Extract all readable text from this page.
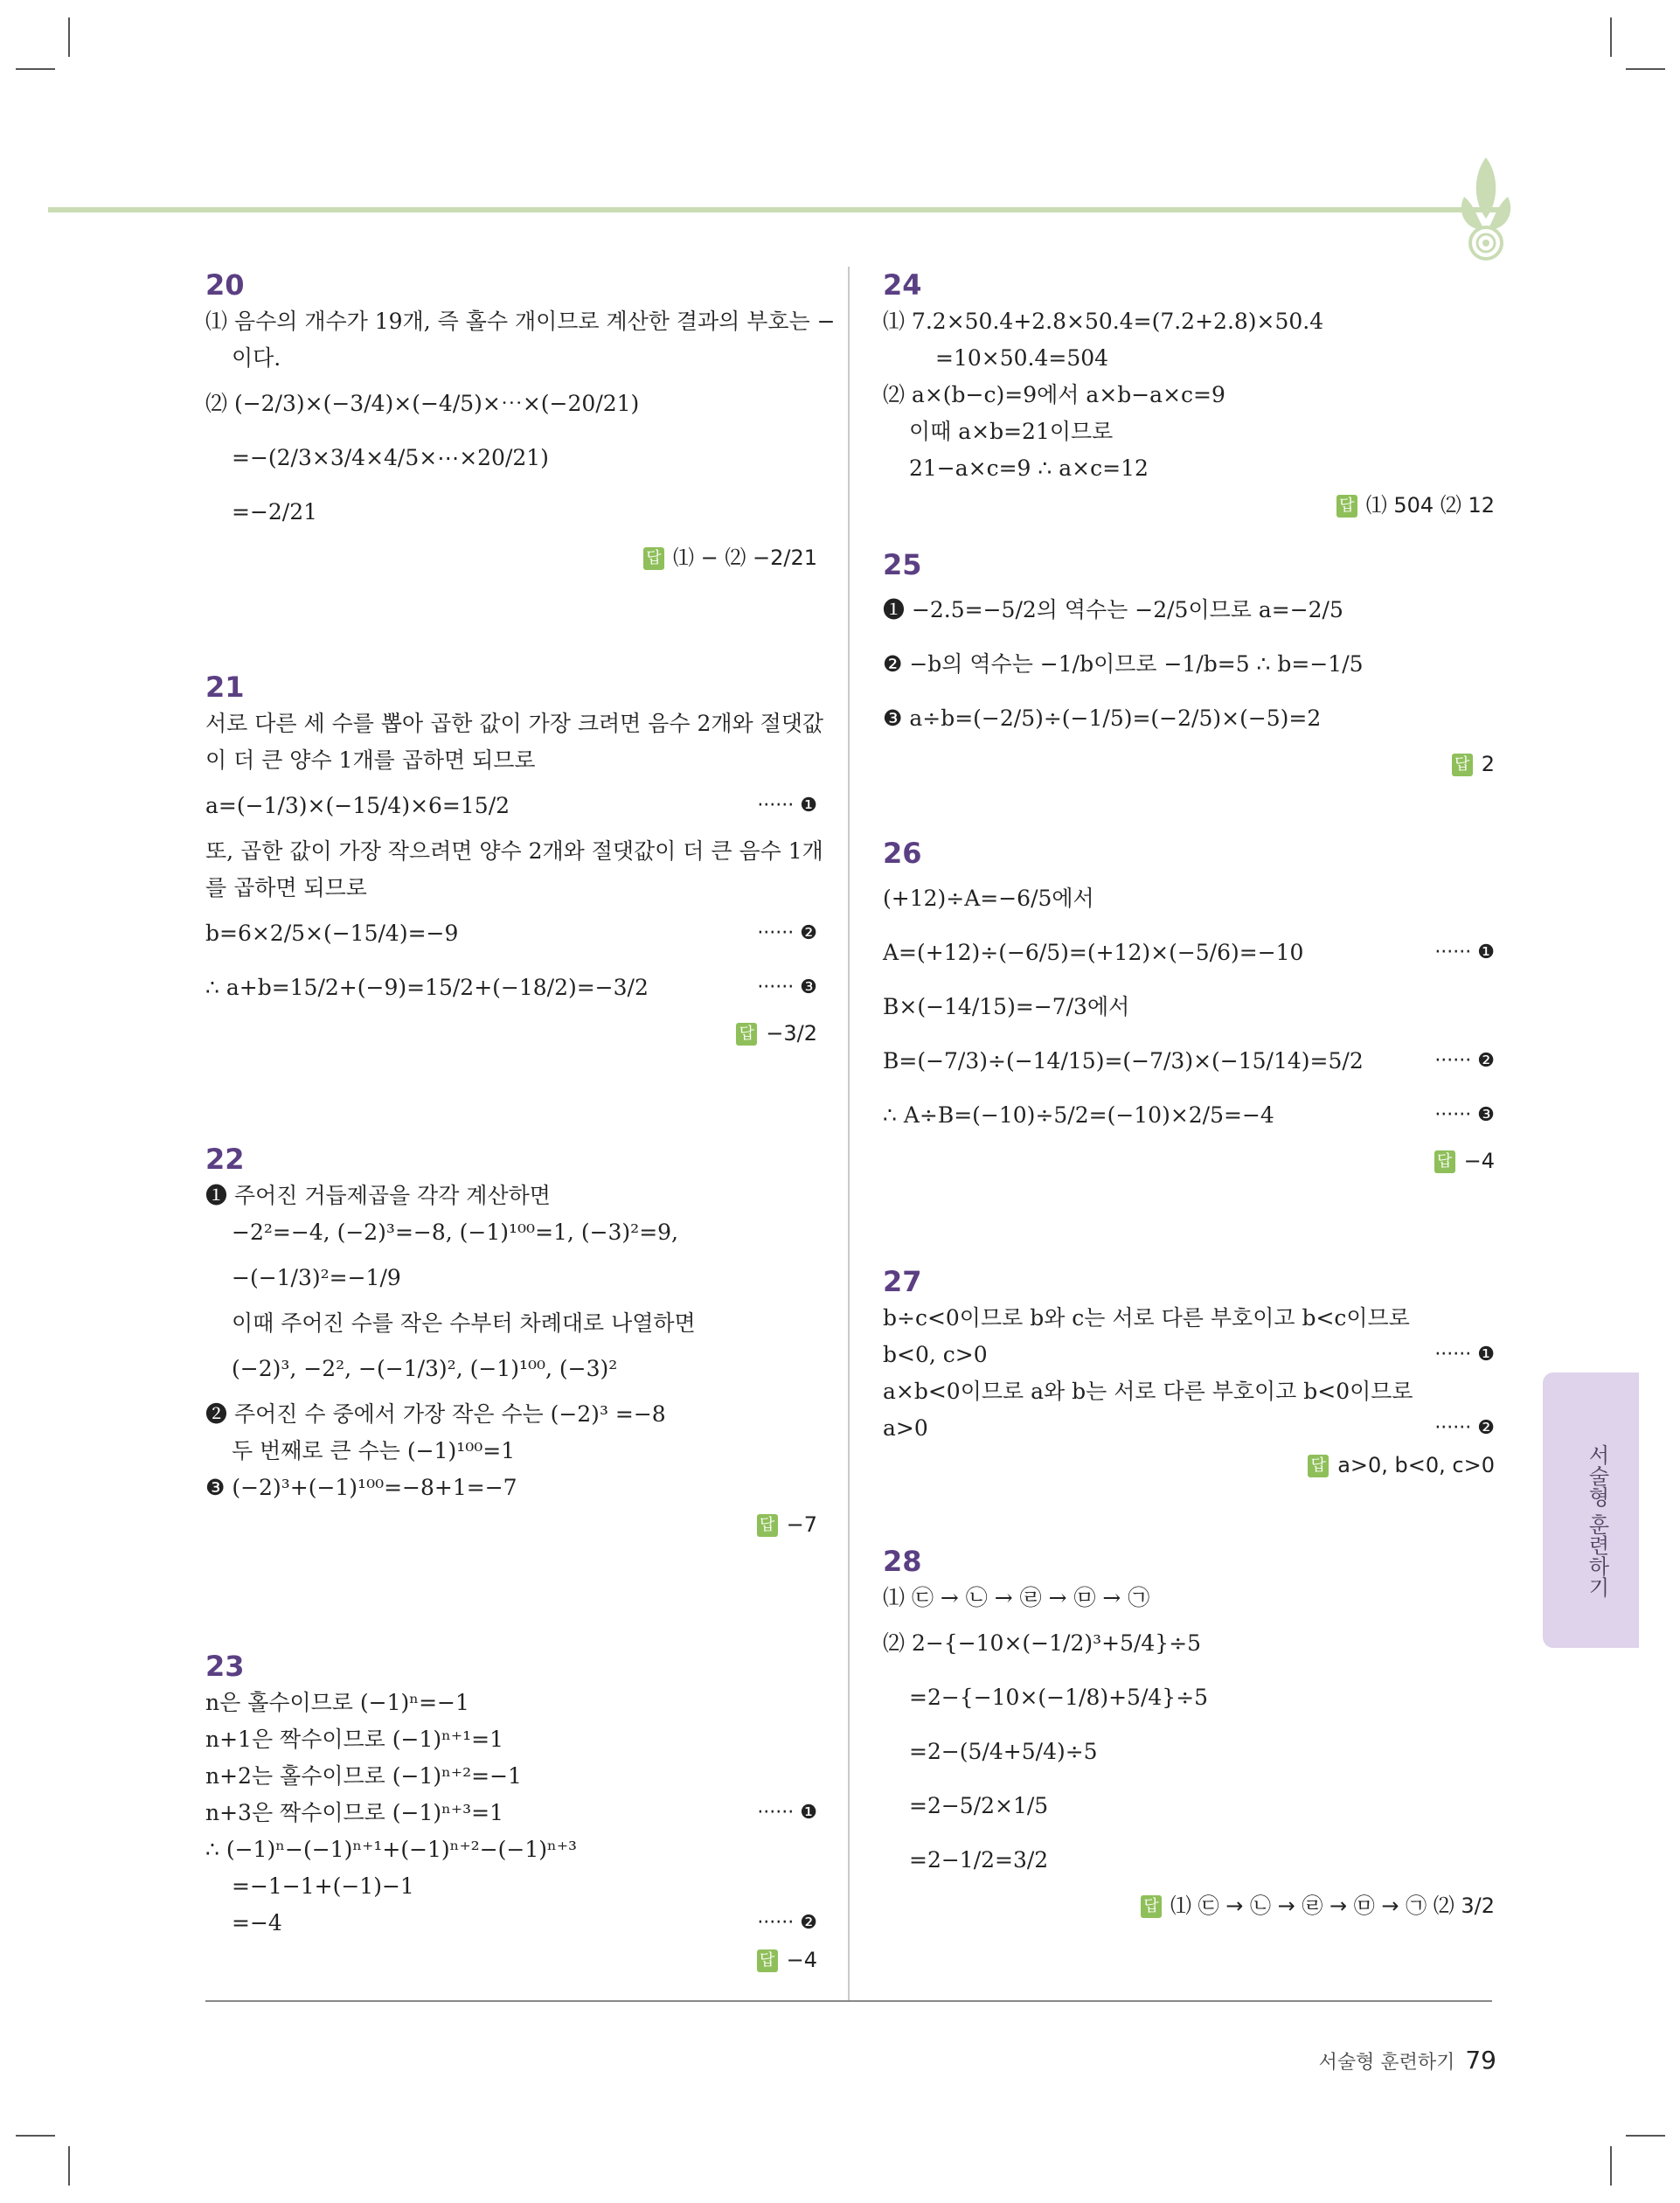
20
⑴ 음수의 개수가 19개, 즉 홀수 개이므로 계산한 결과의 부호는 −
이다.
⑵ (−2/3)×(−3/4)×(−4/5)×⋯×(−20/21)
=−(2/3×3/4×4/5×⋯×20/21)
=−2/21
답 ⑴ − ⑵ −2/21
21
서로 다른 세 수를 뽑아 곱한 값이 가장 크려면 음수 2개와 절댓값
이 더 큰 양수 1개를 곱하면 되므로
a=(−1/3)×(−15/4)×6=15/2	······ ❶
또, 곱한 값이 가장 작으려면 양수 2개와 절댓값이 더 큰 음수 1개
를 곱하면 되므로
b=6×2/5×(−15/4)=−9	······ ❷
∴ a+b=15/2+(−9)=15/2+(−18/2)=−3/2	······ ❸
답 −3/2
22
❶ 주어진 거듭제곱을 각각 계산하면
−2²=−4, (−2)³=−8, (−1)¹⁰⁰=1, (−3)²=9,
−(−1/3)²=−1/9
이때 주어진 수를 작은 수부터 차례대로 나열하면
(−2)³, −2², −(−1/3)², (−1)¹⁰⁰, (−3)²
❷ 주어진 수 중에서 가장 작은 수는 (−2)³ =−8
두 번째로 큰 수는 (−1)¹⁰⁰=1
❸ (−2)³+(−1)¹⁰⁰=−8+1=−7
답 −7
23
n은 홀수이므로 (−1)ⁿ=−1
n+1은 짝수이므로 (−1)ⁿ⁺¹=1
n+2는 홀수이므로 (−1)ⁿ⁺²=−1
n+3은 짝수이므로 (−1)ⁿ⁺³=1	······ ❶
∴ (−1)ⁿ−(−1)ⁿ⁺¹+(−1)ⁿ⁺²−(−1)ⁿ⁺³
=−1−1+(−1)−1
=−4	······ ❷
답 −4
24
⑴ 7.2×50.4+2.8×50.4=(7.2+2.8)×50.4
=10×50.4=504
⑵ a×(b−c)=9에서 a×b−a×c=9
이때 a×b=21이므로
21−a×c=9 ∴ a×c=12
답 ⑴ 504 ⑵ 12
25
❶ −2.5=−5/2의 역수는 −2/5이므로 a=−2/5
❷ −b의 역수는 −1/b이므로 −1/b=5 ∴ b=−1/5
❸ a÷b=(−2/5)÷(−1/5)=(−2/5)×(−5)=2
답 2
26
(+12)÷A=−6/5에서
A=(+12)÷(−6/5)=(+12)×(−5/6)=−10	······ ❶
B×(−14/15)=−7/3에서
B=(−7/3)÷(−14/15)=(−7/3)×(−15/14)=5/2	······ ❷
∴ A÷B=(−10)÷5/2=(−10)×2/5=−4	······ ❸
답 −4
27
b÷c<0이므로 b와 c는 서로 다른 부호이고 b<c이므로
b<0, c>0	······ ❶
a×b<0이므로 a와 b는 서로 다른 부호이고 b<0이므로
a>0	······ ❷
답 a>0, b<0, c>0
28
⑴ ㉢ → ㉡ → ㉣ → ㉤ → ㉠
⑵ 2−{−10×(−1/2)³+5/4}÷5
=2−{−10×(−1/8)+5/4}÷5
=2−(5/4+5/4)÷5
=2−5/2×1/5
=2−1/2=3/2
답 ⑴ ㉢ → ㉡ → ㉣ → ㉤ → ㉠ ⑵ 3/2
서술형 훈련하기
서술형 훈련하기 79
